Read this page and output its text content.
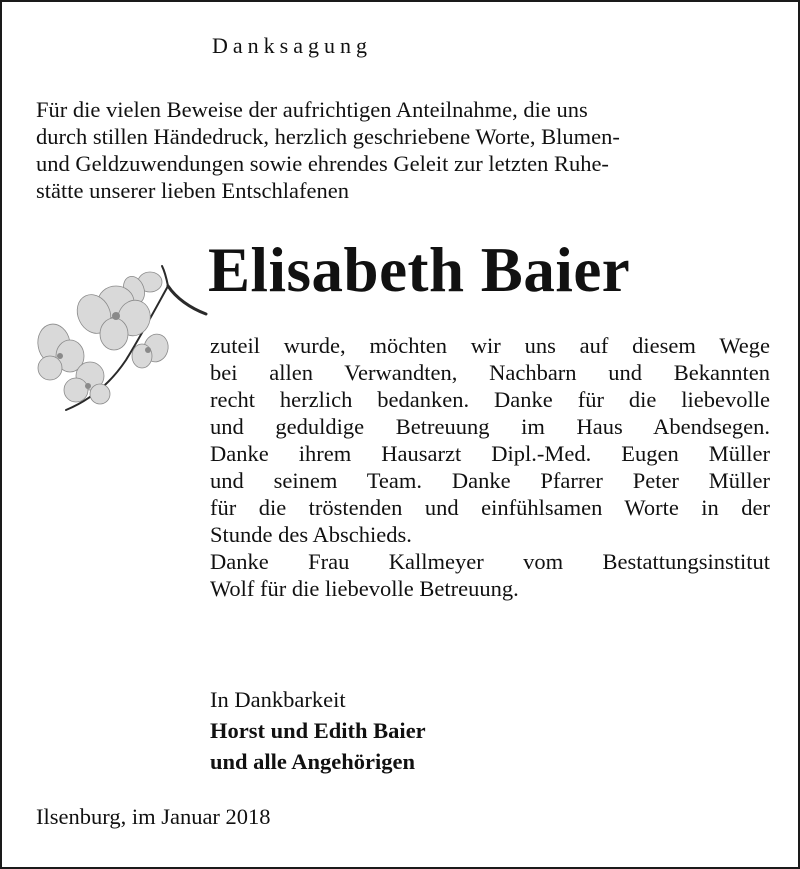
Danksagung
Für die vielen Beweise der aufrichtigen Anteilnahme, die uns
durch stillen Händedruck, herzlich geschriebene Worte, Blumen-
und Geldzuwendungen sowie ehrendes Geleit zur letzten Ruhe-
stätte unserer lieben Entschlafenen
Elisabeth Baier
zuteil wurde, möchten wir uns auf diesem Wege
bei allen Verwandten, Nachbarn und Bekannten
recht herzlich bedanken. Danke für die liebevolle
und geduldige Betreuung im Haus Abendsegen.
Danke ihrem Hausarzt Dipl.-Med. Eugen Müller
und seinem Team. Danke Pfarrer Peter Müller
für die tröstenden und einfühlsamen Worte in der
Stunde des Abschieds.
Danke Frau Kallmeyer vom Bestattungsinstitut
Wolf für die liebevolle Betreuung.
In Dankbarkeit
Horst und Edith Baier
und alle Angehörigen
Ilsenburg, im Januar 2018
